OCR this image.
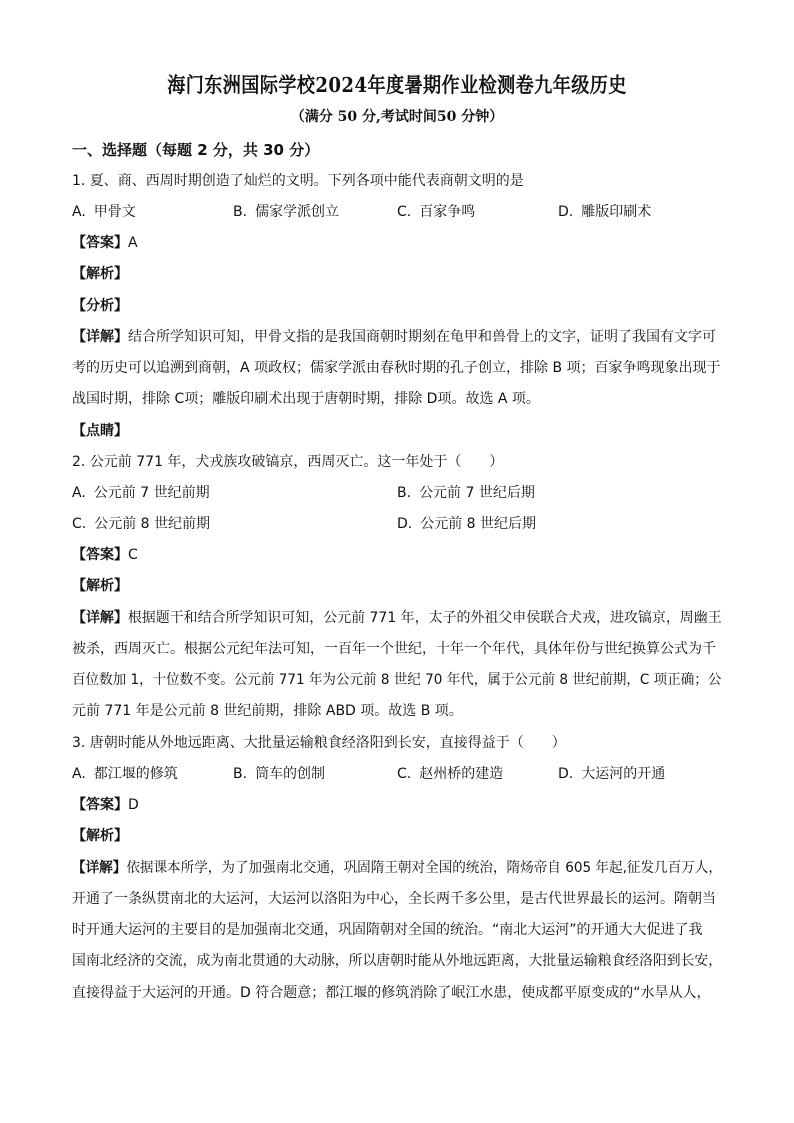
海门东洲国际学校2024年度暑期作业检测卷九年级历史
（满分 50 分,考试时间50 分钟）
一、选择题（每题 2 分，共 30 分）
1. 夏、商、西周时期创造了灿烂的文明。下列各项中能代表商朝文明的是
A. 甲骨文	B. 儒家学派创立	C. 百家争鸣	D. 雕版印刷术
【答案】A
【解析】
【分析】
【详解】结合所学知识可知，甲骨文指的是我国商朝时期刻在龟甲和兽骨上的文字，证明了我国有文字可
考的历史可以追溯到商朝，A 项政权；儒家学派由春秋时期的孔子创立，排除 B 项；百家争鸣现象出现于
战国时期，排除 C项；雕版印刷术出现于唐朝时期，排除 D项。故选 A 项。
【点睛】
2. 公元前 771 年，犬戎族攻破镐京，西周灭亡。这一年处于（　　）
A. 公元前 7 世纪前期	B. 公元前 7 世纪后期
C. 公元前 8 世纪前期	D. 公元前 8 世纪后期
【答案】C
【解析】
【详解】根据题干和结合所学知识可知，公元前 771 年，太子的外祖父申侯联合犬戎，进攻镐京，周幽王
被杀，西周灭亡。根据公元纪年法可知，一百年一个世纪，十年一个年代，具体年份与世纪换算公式为千
百位数加 1，十位数不变。公元前 771 年为公元前 8 世纪 70 年代，属于公元前 8 世纪前期，C 项正确；公
元前 771 年是公元前 8 世纪前期，排除 ABD 项。故选 B 项。
3. 唐朝时能从外地远距离、大批量运输粮食经洛阳到长安，直接得益于（　　）
A. 都江堰的修筑	B. 筒车的创制	C. 赵州桥的建造	D. 大运河的开通
【答案】D
【解析】
【详解】依据课本所学，为了加强南北交通，巩固隋王朝对全国的统治，隋炀帝自 605 年起,征发几百万人，
开通了一条纵贯南北的大运河，大运河以洛阳为中心，全长两千多公里，是古代世界最长的运河。隋朝当
时开通大运河的主要目的是加强南北交通，巩固隋朝对全国的统治。“南北大运河”的开通大大促进了我
国南北经济的交流，成为南北贯通的大动脉，所以唐朝时能从外地远距离，大批量运输粮食经洛阳到长安，
直接得益于大运河的开通。D 符合题意；都江堰的修筑消除了岷江水患，使成都平原变成的“水旱从人，
